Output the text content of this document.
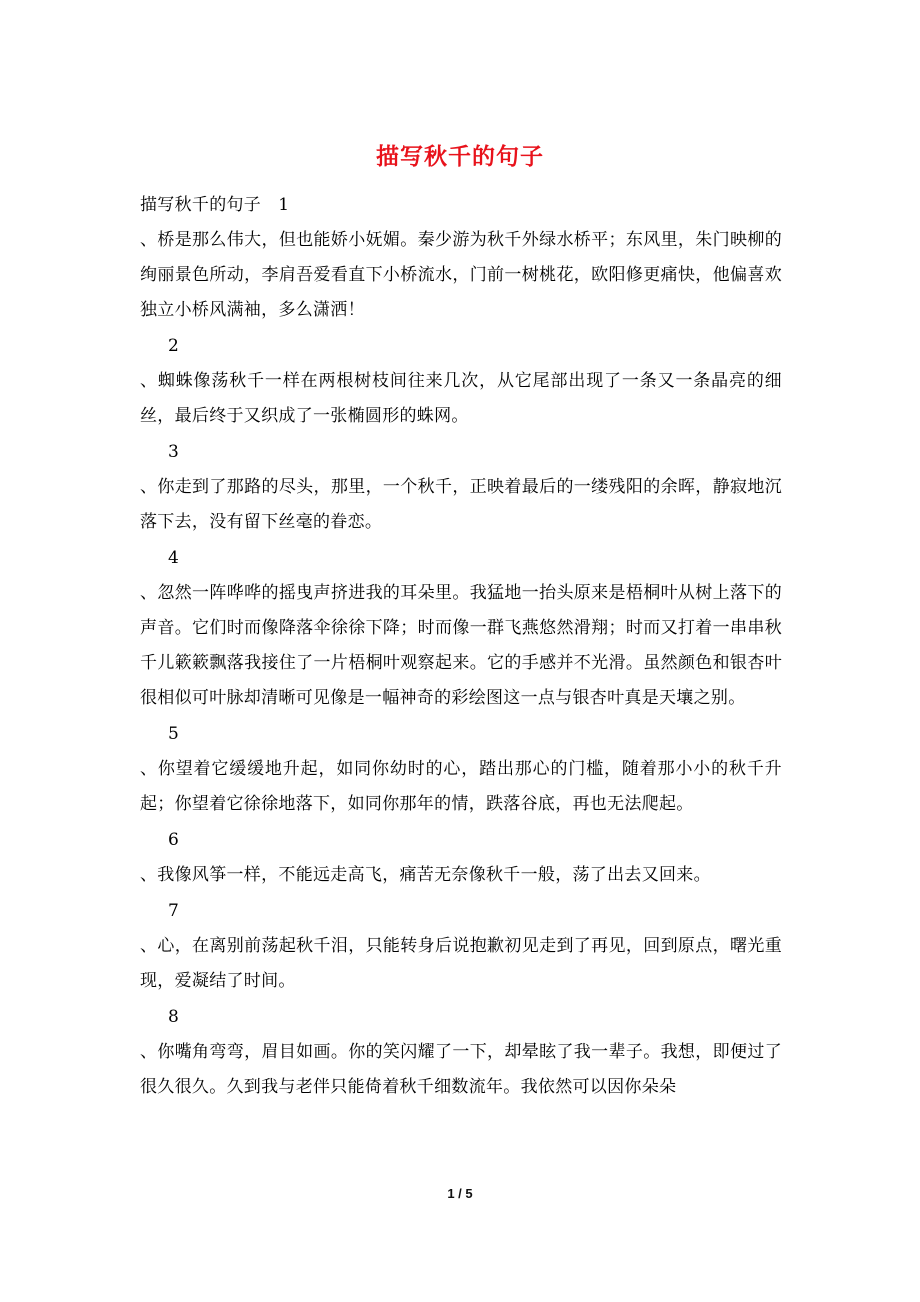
描写秋千的句子
描写秋千的句子   1

、桥是那么伟大，但也能娇小妩媚。秦少游为秋千外绿水桥平；东风里，朱门映柳的绚丽景色所动，李肩吾爱看直下小桥流水，门前一树桃花，欧阳修更痛快，他偏喜欢独立小桥风满袖，多么潇洒！

2

、蜘蛛像荡秋千一样在两根树枝间往来几次，从它尾部出现了一条又一条晶亮的细丝，最后终于又织成了一张椭圆形的蛛网。

3

、你走到了那路的尽头，那里，一个秋千，正映着最后的一缕残阳的余晖，静寂地沉落下去，没有留下丝毫的眷恋。

4

、忽然一阵哗哗的摇曳声挤进我的耳朵里。我猛地一抬头原来是梧桐叶从树上落下的声音。它们时而像降落伞徐徐下降；时而像一群飞燕悠然滑翔；时而又打着一串串秋千儿簌簌飘落我接住了一片梧桐叶观察起来。它的手感并不光滑。虽然颜色和银杏叶很相似可叶脉却清晰可见像是一幅神奇的彩绘图这一点与银杏叶真是天壤之别。

5

、你望着它缓缓地升起，如同你幼时的心，踏出那心的门槛，随着那小小的秋千升起；你望着它徐徐地落下，如同你那年的情，跌落谷底，再也无法爬起。

6

、我像风筝一样，不能远走高飞，痛苦无奈像秋千一般，荡了出去又回来。

7

、心，在离别前荡起秋千泪，只能转身后说抱歉初见走到了再见，回到原点，曙光重现，爱凝结了时间。

8

、你嘴角弯弯，眉目如画。你的笑闪耀了一下，却晕眩了我一辈子。我想，即便过了很久很久。久到我与老伴只能倚着秋千细数流年。我依然可以因你朵朵

1 / 5
